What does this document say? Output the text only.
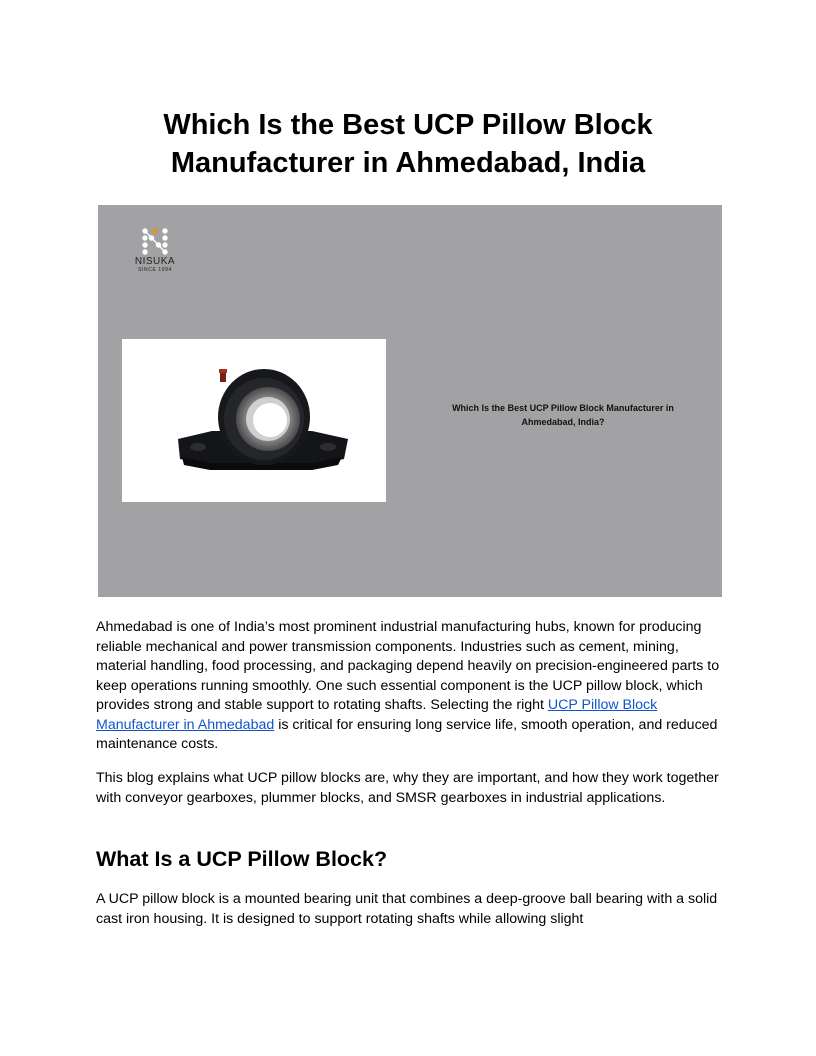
Which Is the Best UCP Pillow Block Manufacturer in Ahmedabad, India
NISUKA
SINCE 1994
Which Is the Best UCP Pillow Block Manufacturer in Ahmedabad, India?

Ahmedabad is one of India’s most prominent industrial manufacturing hubs, known for producing reliable mechanical and power transmission components. Industries such as cement, mining, material handling, food processing, and packaging depend heavily on precision-engineered parts to keep operations running smoothly. One such essential component is the UCP pillow block, which provides strong and stable support to rotating shafts. Selecting the right UCP Pillow Block Manufacturer in Ahmedabad is critical for ensuring long service life, smooth operation, and reduced maintenance costs.

This blog explains what UCP pillow blocks are, why they are important, and how they work together with conveyor gearboxes, plummer blocks, and SMSR gearboxes in industrial applications.

What Is a UCP Pillow Block?

A UCP pillow block is a mounted bearing unit that combines a deep-groove ball bearing with a solid cast iron housing. It is designed to support rotating shafts while allowing slight
